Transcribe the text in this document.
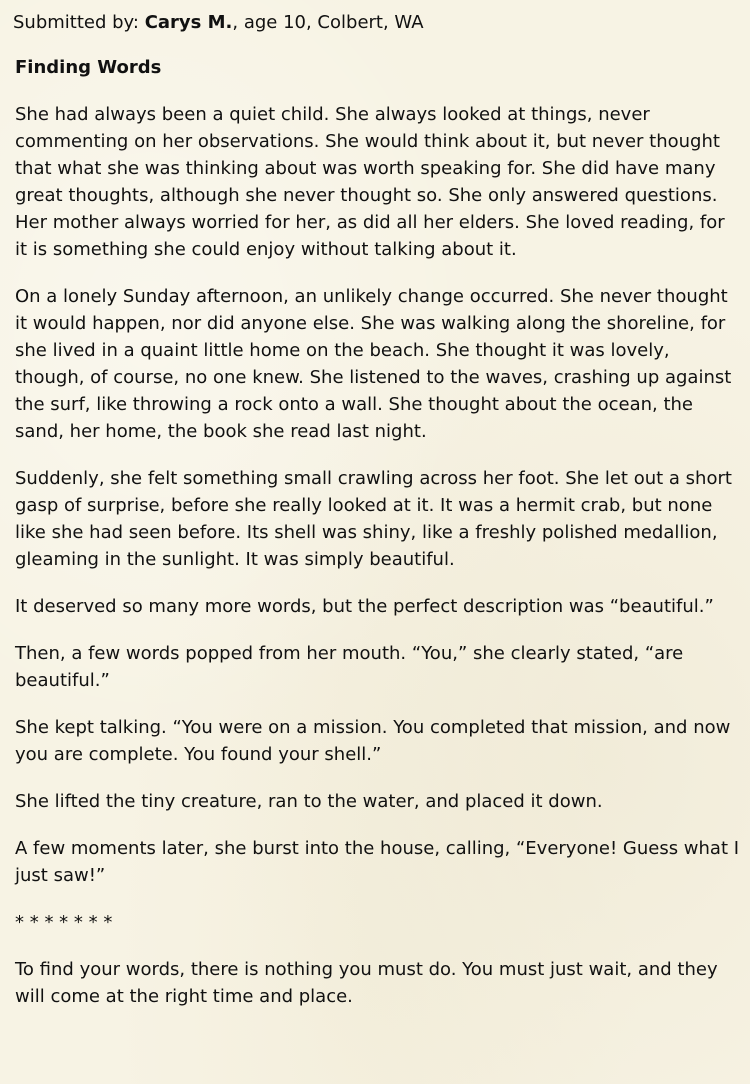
Submitted by: Carys M., age 10, Colbert, WA
Finding Words

She had always been a quiet child. She always looked at things, never commenting on her observations. She would think about it, but never thought that what she was thinking about was worth speaking for. She did have many great thoughts, although she never thought so. She only answered questions. Her mother always worried for her, as did all her elders. She loved reading, for it is something she could enjoy without talking about it.

On a lonely Sunday afternoon, an unlikely change occurred. She never thought it would happen, nor did anyone else. She was walking along the shoreline, for she lived in a quaint little home on the beach. She thought it was lovely, though, of course, no one knew. She listened to the waves, crashing up against the surf, like throwing a rock onto a wall. She thought about the ocean, the sand, her home, the book she read last night.

Suddenly, she felt something small crawling across her foot. She let out a short gasp of surprise, before she really looked at it. It was a hermit crab, but none like she had seen before. Its shell was shiny, like a freshly polished medallion, gleaming in the sunlight. It was simply beautiful.

It deserved so many more words, but the perfect description was “beautiful.”

Then, a few words popped from her mouth. “You,” she clearly stated, “are beautiful.”

She kept talking. “You were on a mission. You completed that mission, and now you are complete. You found your shell.”

She lifted the tiny creature, ran to the water, and placed it down.

A few moments later, she burst into the house, calling, “Everyone! Guess what I just saw!”

* * * * * * *

To find your words, there is nothing you must do. You must just wait, and they will come at the right time and place.
